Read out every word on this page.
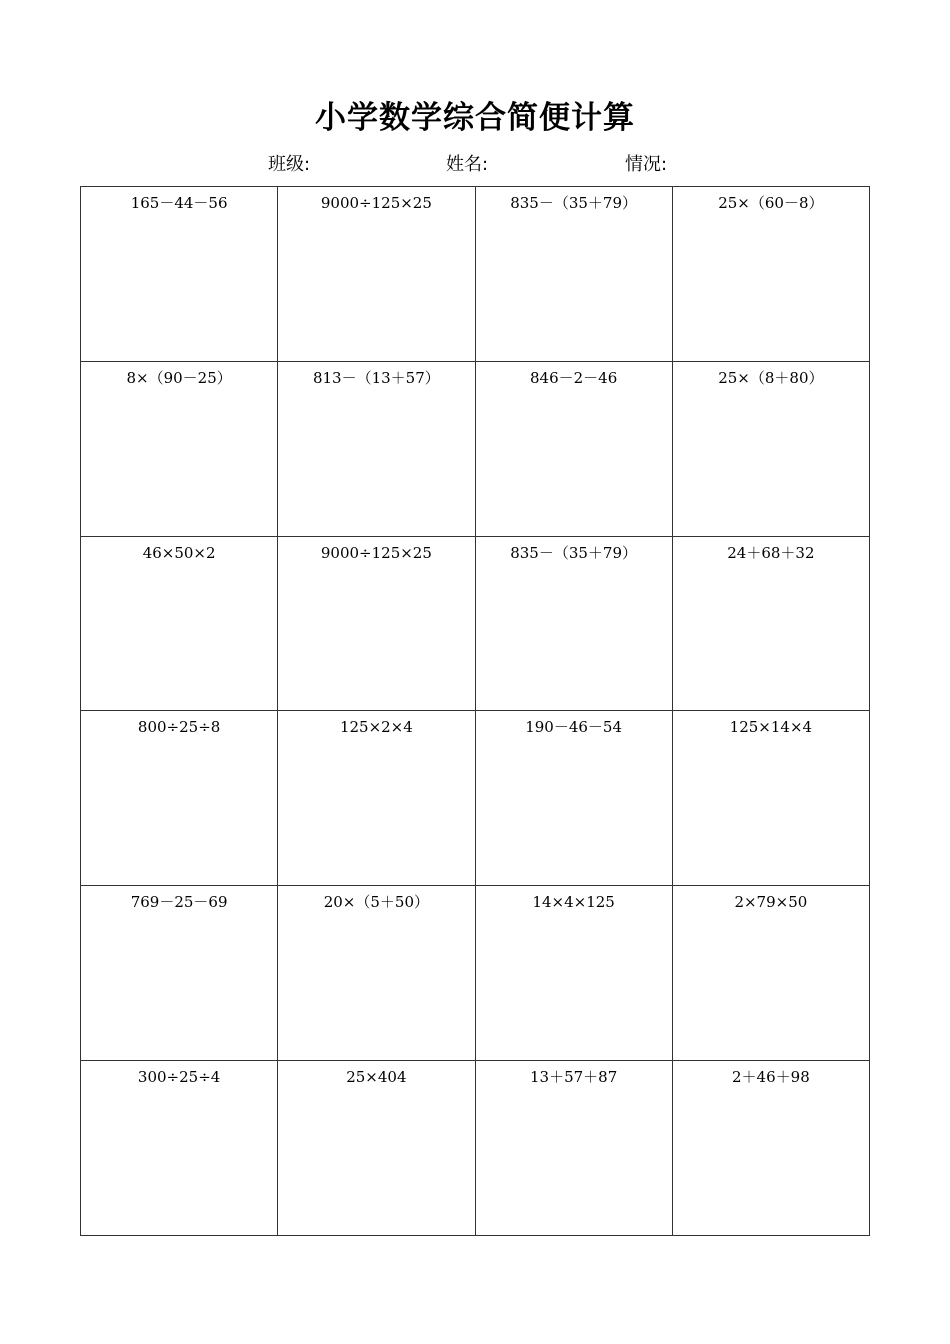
小学数学综合简便计算
班级:	姓名:	情况:
165－44－56	9000÷125×25	835－（35＋79）	25×（60－8）
8×（90－25）	813－（13＋57）	846－2－46	25×（8＋80）
46×50×2	9000÷125×25	835－（35＋79）	24＋68＋32
800÷25÷8	125×2×4	190－46－54	125×14×4
769－25－69	20×（5＋50）	14×4×125	2×79×50
300÷25÷4	25×404	13＋57＋87	2＋46＋98
